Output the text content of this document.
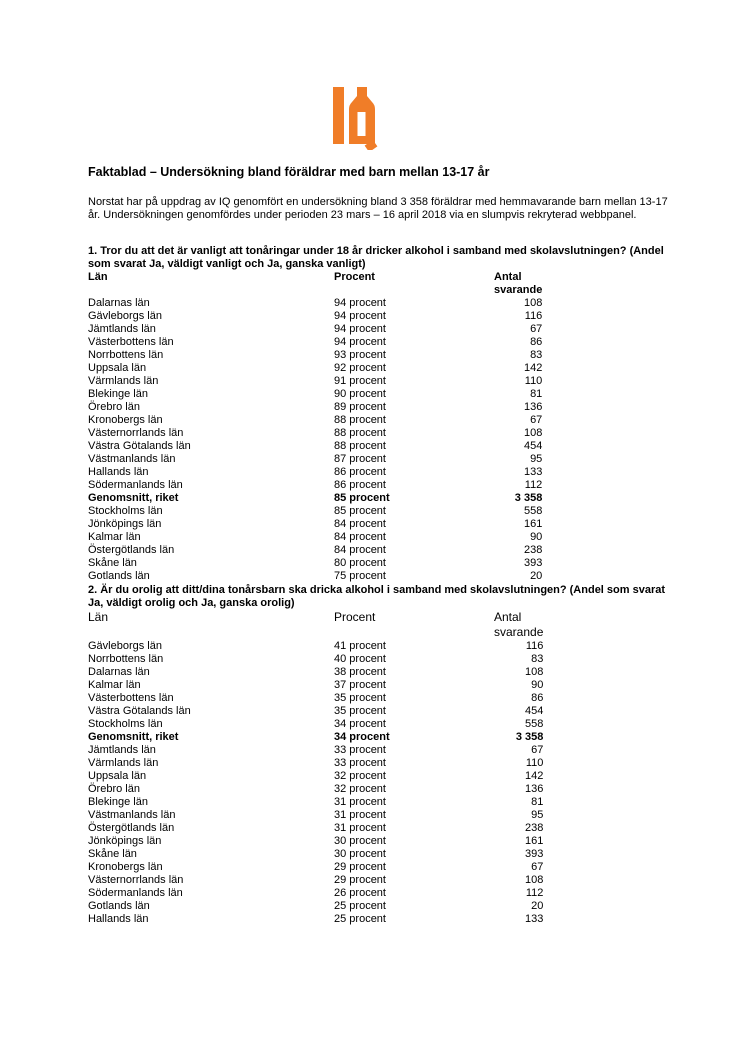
Faktablad – Undersökning bland föräldrar med barn mellan 13-17 år

Norstat har på uppdrag av IQ genomfört en undersökning bland 3 358 föräldrar med hemmavarande barn mellan 13-17 år. Undersökningen genomfördes under perioden 23 mars – 16 april 2018 via en slumpvis rekryterad webbpanel.

1. Tror du att det är vanligt att tonåringar under 18 år dricker alkohol i samband med skolavslutningen? (Andel som svarat Ja, väldigt vanligt och Ja, ganska vanligt)

Län	Procent	Antal svarande
Dalarnas län	94 procent	108
Gävleborgs län	94 procent	116
Jämtlands län	94 procent	67
Västerbottens län	94 procent	86
Norrbottens län	93 procent	83
Uppsala län	92 procent	142
Värmlands län	91 procent	110
Blekinge län	90 procent	81
Örebro län	89 procent	136
Kronobergs län	88 procent	67
Västernorrlands län	88 procent	108
Västra Götalands län	88 procent	454
Västmanlands län	87 procent	95
Hallands län	86 procent	133
Södermanlands län	86 procent	112
Genomsnitt, riket	85 procent	3 358
Stockholms län	85 procent	558
Jönköpings län	84 procent	161
Kalmar län	84 procent	90
Östergötlands län	84 procent	238
Skåne län	80 procent	393
Gotlands län	75 procent	20

2. Är du orolig att ditt/dina tonårsbarn ska dricka alkohol i samband med skolavslutningen? (Andel som svarat Ja, väldigt orolig och Ja, ganska orolig)

Län	Procent	Antal svarande
Gävleborgs län	41 procent	116
Norrbottens län	40 procent	83
Dalarnas län	38 procent	108
Kalmar län	37 procent	90
Västerbottens län	35 procent	86
Västra Götalands län	35 procent	454
Stockholms län	34 procent	558
Genomsnitt, riket	34 procent	3 358
Jämtlands län	33 procent	67
Värmlands län	33 procent	110
Uppsala län	32 procent	142
Örebro län	32 procent	136
Blekinge län	31 procent	81
Västmanlands län	31 procent	95
Östergötlands län	31 procent	238
Jönköpings län	30 procent	161
Skåne län	30 procent	393
Kronobergs län	29 procent	67
Västernorrlands län	29 procent	108
Södermanlands län	26 procent	112
Gotlands län	25 procent	20
Hallands län	25 procent	133
